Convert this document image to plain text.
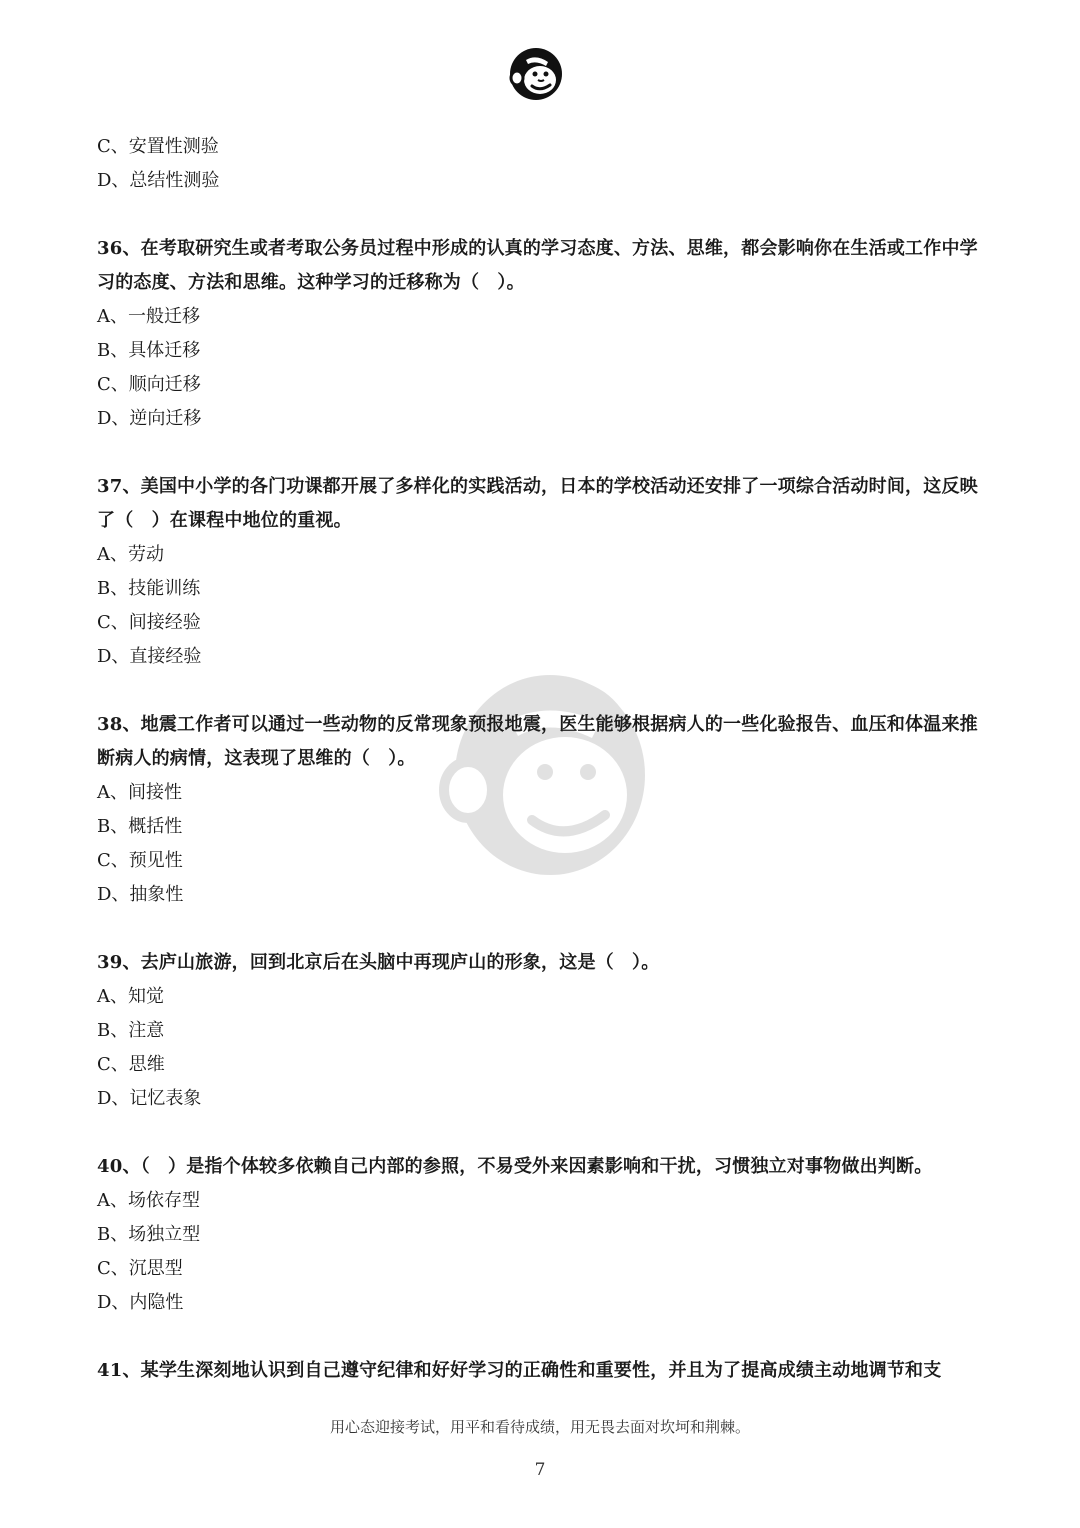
C、安置性测验
D、总结性测验
36、在考取研究生或者考取公务员过程中形成的认真的学习态度、方法、思维，都会影响你在生活或工作中学习的态度、方法和思维。这种学习的迁移称为（　）。
A、一般迁移
B、具体迁移
C、顺向迁移
D、逆向迁移
37、美国中小学的各门功课都开展了多样化的实践活动，日本的学校活动还安排了一项综合活动时间，这反映了（　）在课程中地位的重视。
A、劳动
B、技能训练
C、间接经验
D、直接经验
38、地震工作者可以通过一些动物的反常现象预报地震，医生能够根据病人的一些化验报告、血压和体温来推断病人的病情，这表现了思维的（　）。
A、间接性
B、概括性
C、预见性
D、抽象性
39、去庐山旅游，回到北京后在头脑中再现庐山的形象，这是（　）。
A、知觉
B、注意
C、思维
D、记忆表象
40、（　）是指个体较多依赖自己内部的参照，不易受外来因素影响和干扰，习惯独立对事物做出判断。
A、场依存型
B、场独立型
C、沉思型
D、内隐性
41、某学生深刻地认识到自己遵守纪律和好好学习的正确性和重要性，并且为了提高成绩主动地调节和支
用心态迎接考试，用平和看待成绩，用无畏去面对坎坷和荆棘。
7
